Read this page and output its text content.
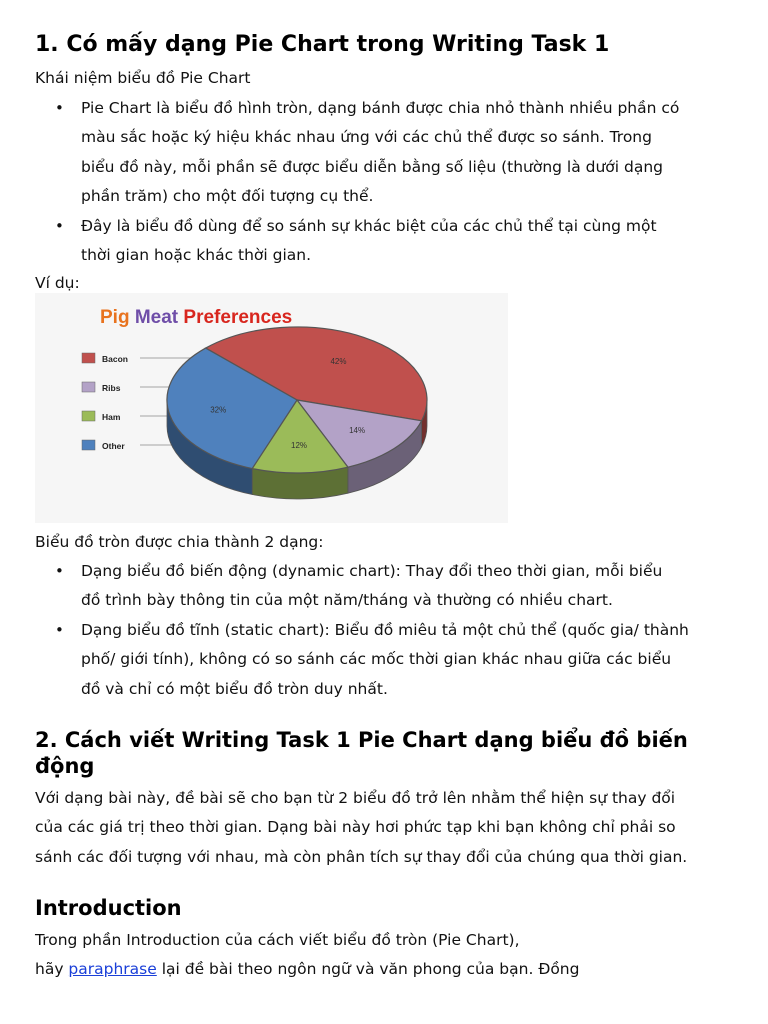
1. Có mấy dạng Pie Chart trong Writing Task 1

Khái niệm biểu đồ Pie Chart

• Pie Chart là biểu đồ hình tròn, dạng bánh được chia nhỏ thành nhiều phần có màu sắc hoặc ký hiệu khác nhau ứng với các chủ thể được so sánh. Trong biểu đồ này, mỗi phần sẽ được biểu diễn bằng số liệu (thường là dưới dạng phần trăm) cho một đối tượng cụ thể.
• Đây là biểu đồ dùng để so sánh sự khác biệt của các chủ thể tại cùng một thời gian hoặc khác thời gian.

Ví dụ:

Pig Meat Preferences
Bacon
Ribs
Ham
Other
42%
14%
12%
32%

Biểu đồ tròn được chia thành 2 dạng:

• Dạng biểu đồ biến động (dynamic chart): Thay đổi theo thời gian, mỗi biểu đồ trình bày thông tin của một năm/tháng và thường có nhiều chart.
• Dạng biểu đồ tĩnh (static chart): Biểu đồ miêu tả một chủ thể (quốc gia/ thành phố/ giới tính), không có so sánh các mốc thời gian khác nhau giữa các biểu đồ và chỉ có một biểu đồ tròn duy nhất.
2. Cách viết Writing Task 1 Pie Chart dạng biểu đồ biến động

Với dạng bài này, đề bài sẽ cho bạn từ 2 biểu đồ trở lên nhằm thể hiện sự thay đổi của các giá trị theo thời gian. Dạng bài này hơi phức tạp khi bạn không chỉ phải so sánh các đối tượng với nhau, mà còn phân tích sự thay đổi của chúng qua thời gian.

Introduction

Trong phần Introduction của cách viết biểu đồ tròn (Pie Chart),
hãy paraphrase lại đề bài theo ngôn ngữ và văn phong của bạn. Đồng
